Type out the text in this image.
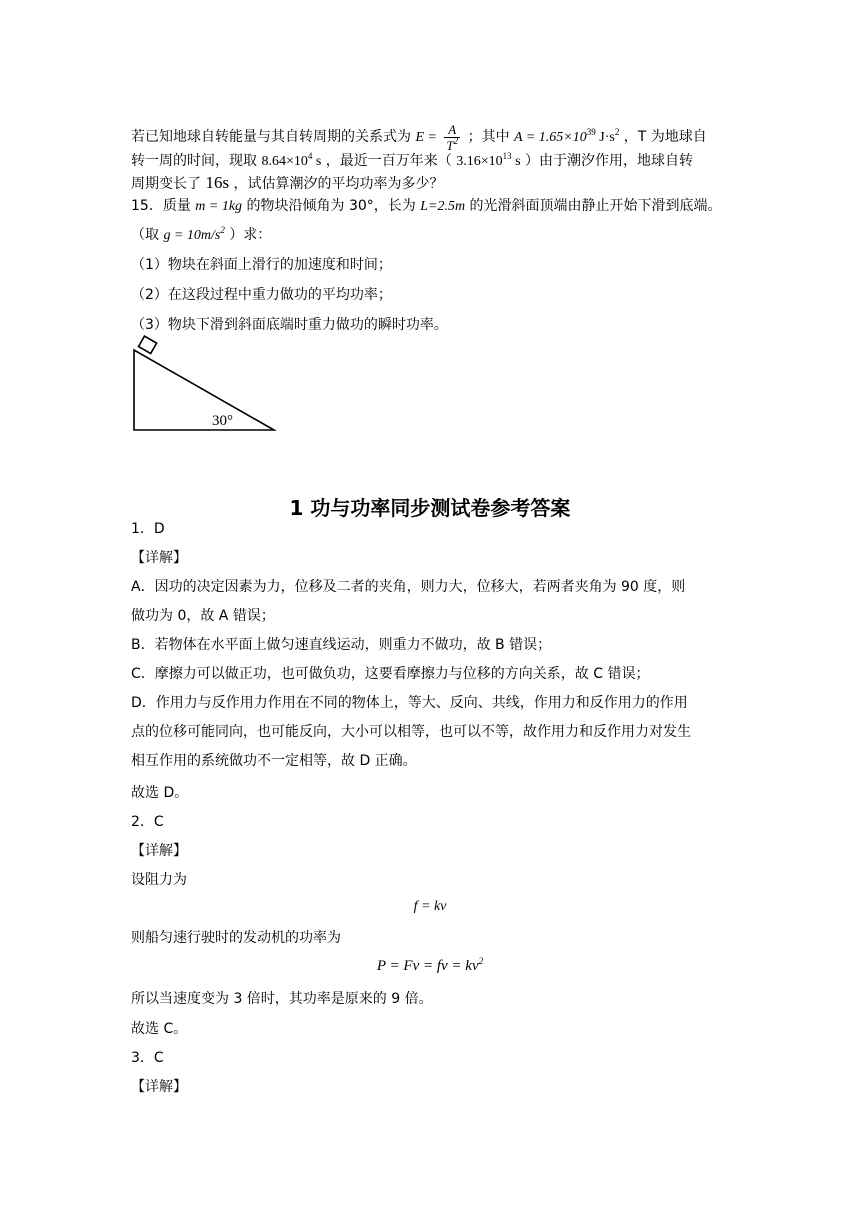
若已知地球自转能量与其自转周期的关系式为 $E = \frac{A}{T^2}$ ；其中 $A = 1.65\times 10^{39}$ $J\cdot s^2$ ，T 为地球自
转一周的时间，现取 $8.64\times 10^4$ s ，最近一百万年来（ $3.16\times 10^{13}$ s ）由于潮汐作用，地球自转
周期变长了 16s ，试估算潮汐的平均功率为多少？
15．质量 m = 1kg 的物块沿倾角为 30°，长为 L=2.5m 的光滑斜面顶端由静止开始下滑到底端。
（取 $g = 10m/s^2$ ）求：
（1）物块在斜面上滑行的加速度和时间；
（2）在这段过程中重力做功的平均功率；
（3）物块下滑到斜面底端时重力做功的瞬时功率。
30°
1 功与功率同步测试卷参考答案
1．D
【详解】
A．因功的决定因素为力，位移及二者的夹角，则力大，位移大，若两者夹角为 90 度，则
做功为 0，故 A 错误；
B．若物体在水平面上做匀速直线运动，则重力不做功，故 B 错误；
C．摩擦力可以做正功，也可做负功，这要看摩擦力与位移的方向关系，故 C 错误；
D．作用力与反作用力作用在不同的物体上，等大、反向、共线，作用力和反作用力的作用
点的位移可能同向，也可能反向，大小可以相等，也可以不等，故作用力和反作用力对发生
相互作用的系统做功不一定相等，故 D 正确。
故选 D。
2．C
【详解】
设阻力为
f = kv
则船匀速行驶时的发动机的功率为
P = Fv = fv = $kv^2$
所以当速度变为 3 倍时，其功率是原来的 9 倍。
故选 C。
3．C
【详解】
